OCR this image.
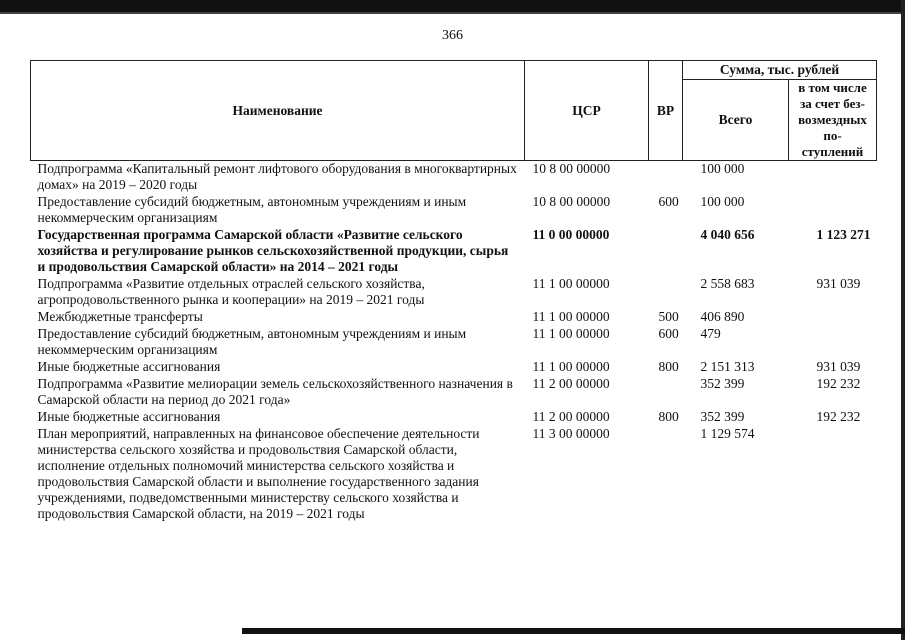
366
Наименование	ЦСР	ВР	Сумма, тыс. рублей	
			Всего	в том числе
за счет без-
возмездных
по-
ступлений

Подпрограмма «Капитальный ремонт лифтового оборудования в многоквартирных домах» на 2019 – 2020 годы	10 8 00 00000		100 000	
Предоставление субсидий бюджетным, автономным учреждениям и иным некоммерческим организациям	10 8 00 00000	600	100 000	
Государственная программа Самарской области «Развитие сельского хозяйства и регулирование рынков сельскохозяйственной продукции, сырья и продовольствия Самарской области» на 2014 – 2021 годы	11 0 00 00000		4 040 656	1 123 271
Подпрограмма «Развитие отдельных отраслей сельского хозяйства, агропродовольственного рынка и кооперации» на 2019 – 2021 годы	11 1 00 00000		2 558 683	931 039
Межбюджетные трансферты	11 1 00 00000	500	406 890	
Предоставление субсидий бюджетным, автономным учреждениям и иным некоммерческим организациям	11 1 00 00000	600	479	
Иные бюджетные ассигнования	11 1 00 00000	800	2 151 313	931 039
Подпрограмма «Развитие мелиорации земель сельскохозяйственного назначения в Самарской области на период до 2021 года»	11 2 00 00000		352 399	192 232
Иные бюджетные ассигнования	11 2 00 00000	800	352 399	192 232
План мероприятий, направленных на финансовое обеспечение деятельности министерства сельского хозяйства и продовольствия Самарской области, исполнение отдельных полномочий министерства сельского хозяйства и продовольствия Самарской области и выполнение государственного задания учреждениями, подведомственными министерству сельского хозяйства и продовольствия Самарской области, на 2019 – 2021 годы	11 3 00 00000		1 129 574	
